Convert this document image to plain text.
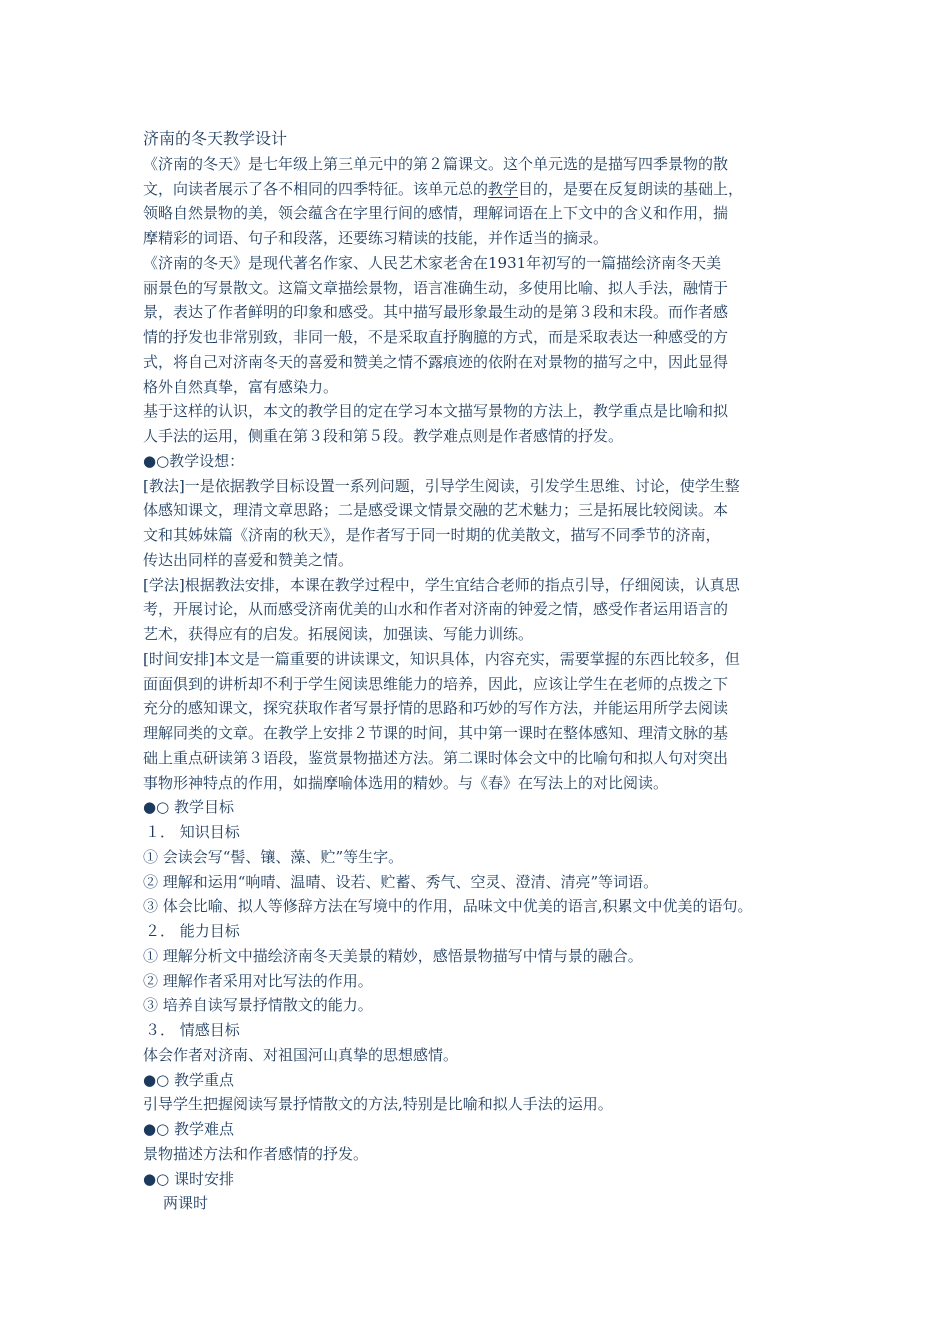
济南的冬天教学设计
《济南的冬天》是七年级上第三单元中的第２篇课文。这个单元选的是描写四季景物的散
文，向读者展示了各不相同的四季特征。该单元总的教学目的，是要在反复朗读的基础上，
领略自然景物的美，领会蕴含在字里行间的感情，理解词语在上下文中的含义和作用，揣
摩精彩的词语、句子和段落，还要练习精读的技能，并作适当的摘录。
《济南的冬天》是现代著名作家、人民艺术家老舍在1931年初写的一篇描绘济南冬天美
丽景色的写景散文。这篇文章描绘景物，语言准确生动，多使用比喻、拟人手法，融情于
景，表达了作者鲜明的印象和感受。其中描写最形象最生动的是第３段和末段。而作者感
情的抒发也非常别致，非同一般，不是采取直抒胸臆的方式，而是采取表达一种感受的方
式，将自己对济南冬天的喜爱和赞美之情不露痕迹的依附在对景物的描写之中，因此显得
格外自然真挚，富有感染力。
基于这样的认识，本文的教学目的定在学习本文描写景物的方法上，教学重点是比喻和拟
人手法的运用，侧重在第３段和第５段。教学难点则是作者感情的抒发。
●○教学设想：
[教法]一是依据教学目标设置一系列问题，引导学生阅读，引发学生思维、讨论，使学生整
体感知课文，理清文章思路；二是感受课文情景交融的艺术魅力；三是拓展比较阅读。本
文和其姊妹篇《济南的秋天》，是作者写于同一时期的优美散文，描写不同季节的济南，
传达出同样的喜爱和赞美之情。
[学法]根据教法安排，本课在教学过程中，学生宜结合老师的指点引导，仔细阅读，认真思
考，开展讨论，从而感受济南优美的山水和作者对济南的钟爱之情，感受作者运用语言的
艺术，获得应有的启发。拓展阅读，加强读、写能力训练。
[时间安排]本文是一篇重要的讲读课文，知识具体，内容充实，需要掌握的东西比较多，但
面面俱到的讲析却不利于学生阅读思维能力的培养，因此，应该让学生在老师的点拨之下
充分的感知课文，探究获取作者写景抒情的思路和巧妙的写作方法，并能运用所学去阅读
理解同类的文章。在教学上安排２节课的时间，其中第一课时在整体感知、理清文脉的基
础上重点研读第３语段，鉴赏景物描述方法。第二课时体会文中的比喻句和拟人句对突出
事物形神特点的作用，如揣摩喻体选用的精妙。与《春》在写法上的对比阅读。
●○ 教学目标
１． 知识目标
① 会读会写“髻、镶、藻、贮”等生字。
② 理解和运用“响晴、温晴、设若、贮蓄、秀气、空灵、澄清、清亮”等词语。
③ 体会比喻、拟人等修辞方法在写境中的作用，品味文中优美的语言,积累文中优美的语句。
２． 能力目标
① 理解分析文中描绘济南冬天美景的精妙，感悟景物描写中情与景的融合。
② 理解作者采用对比写法的作用。
③ 培养自读写景抒情散文的能力。
３． 情感目标
体会作者对济南、对祖国河山真挚的思想感情。
●○ 教学重点
引导学生把握阅读写景抒情散文的方法,特别是比喻和拟人手法的运用。
●○ 教学难点
景物描述方法和作者感情的抒发。
●○ 课时安排
两课时
